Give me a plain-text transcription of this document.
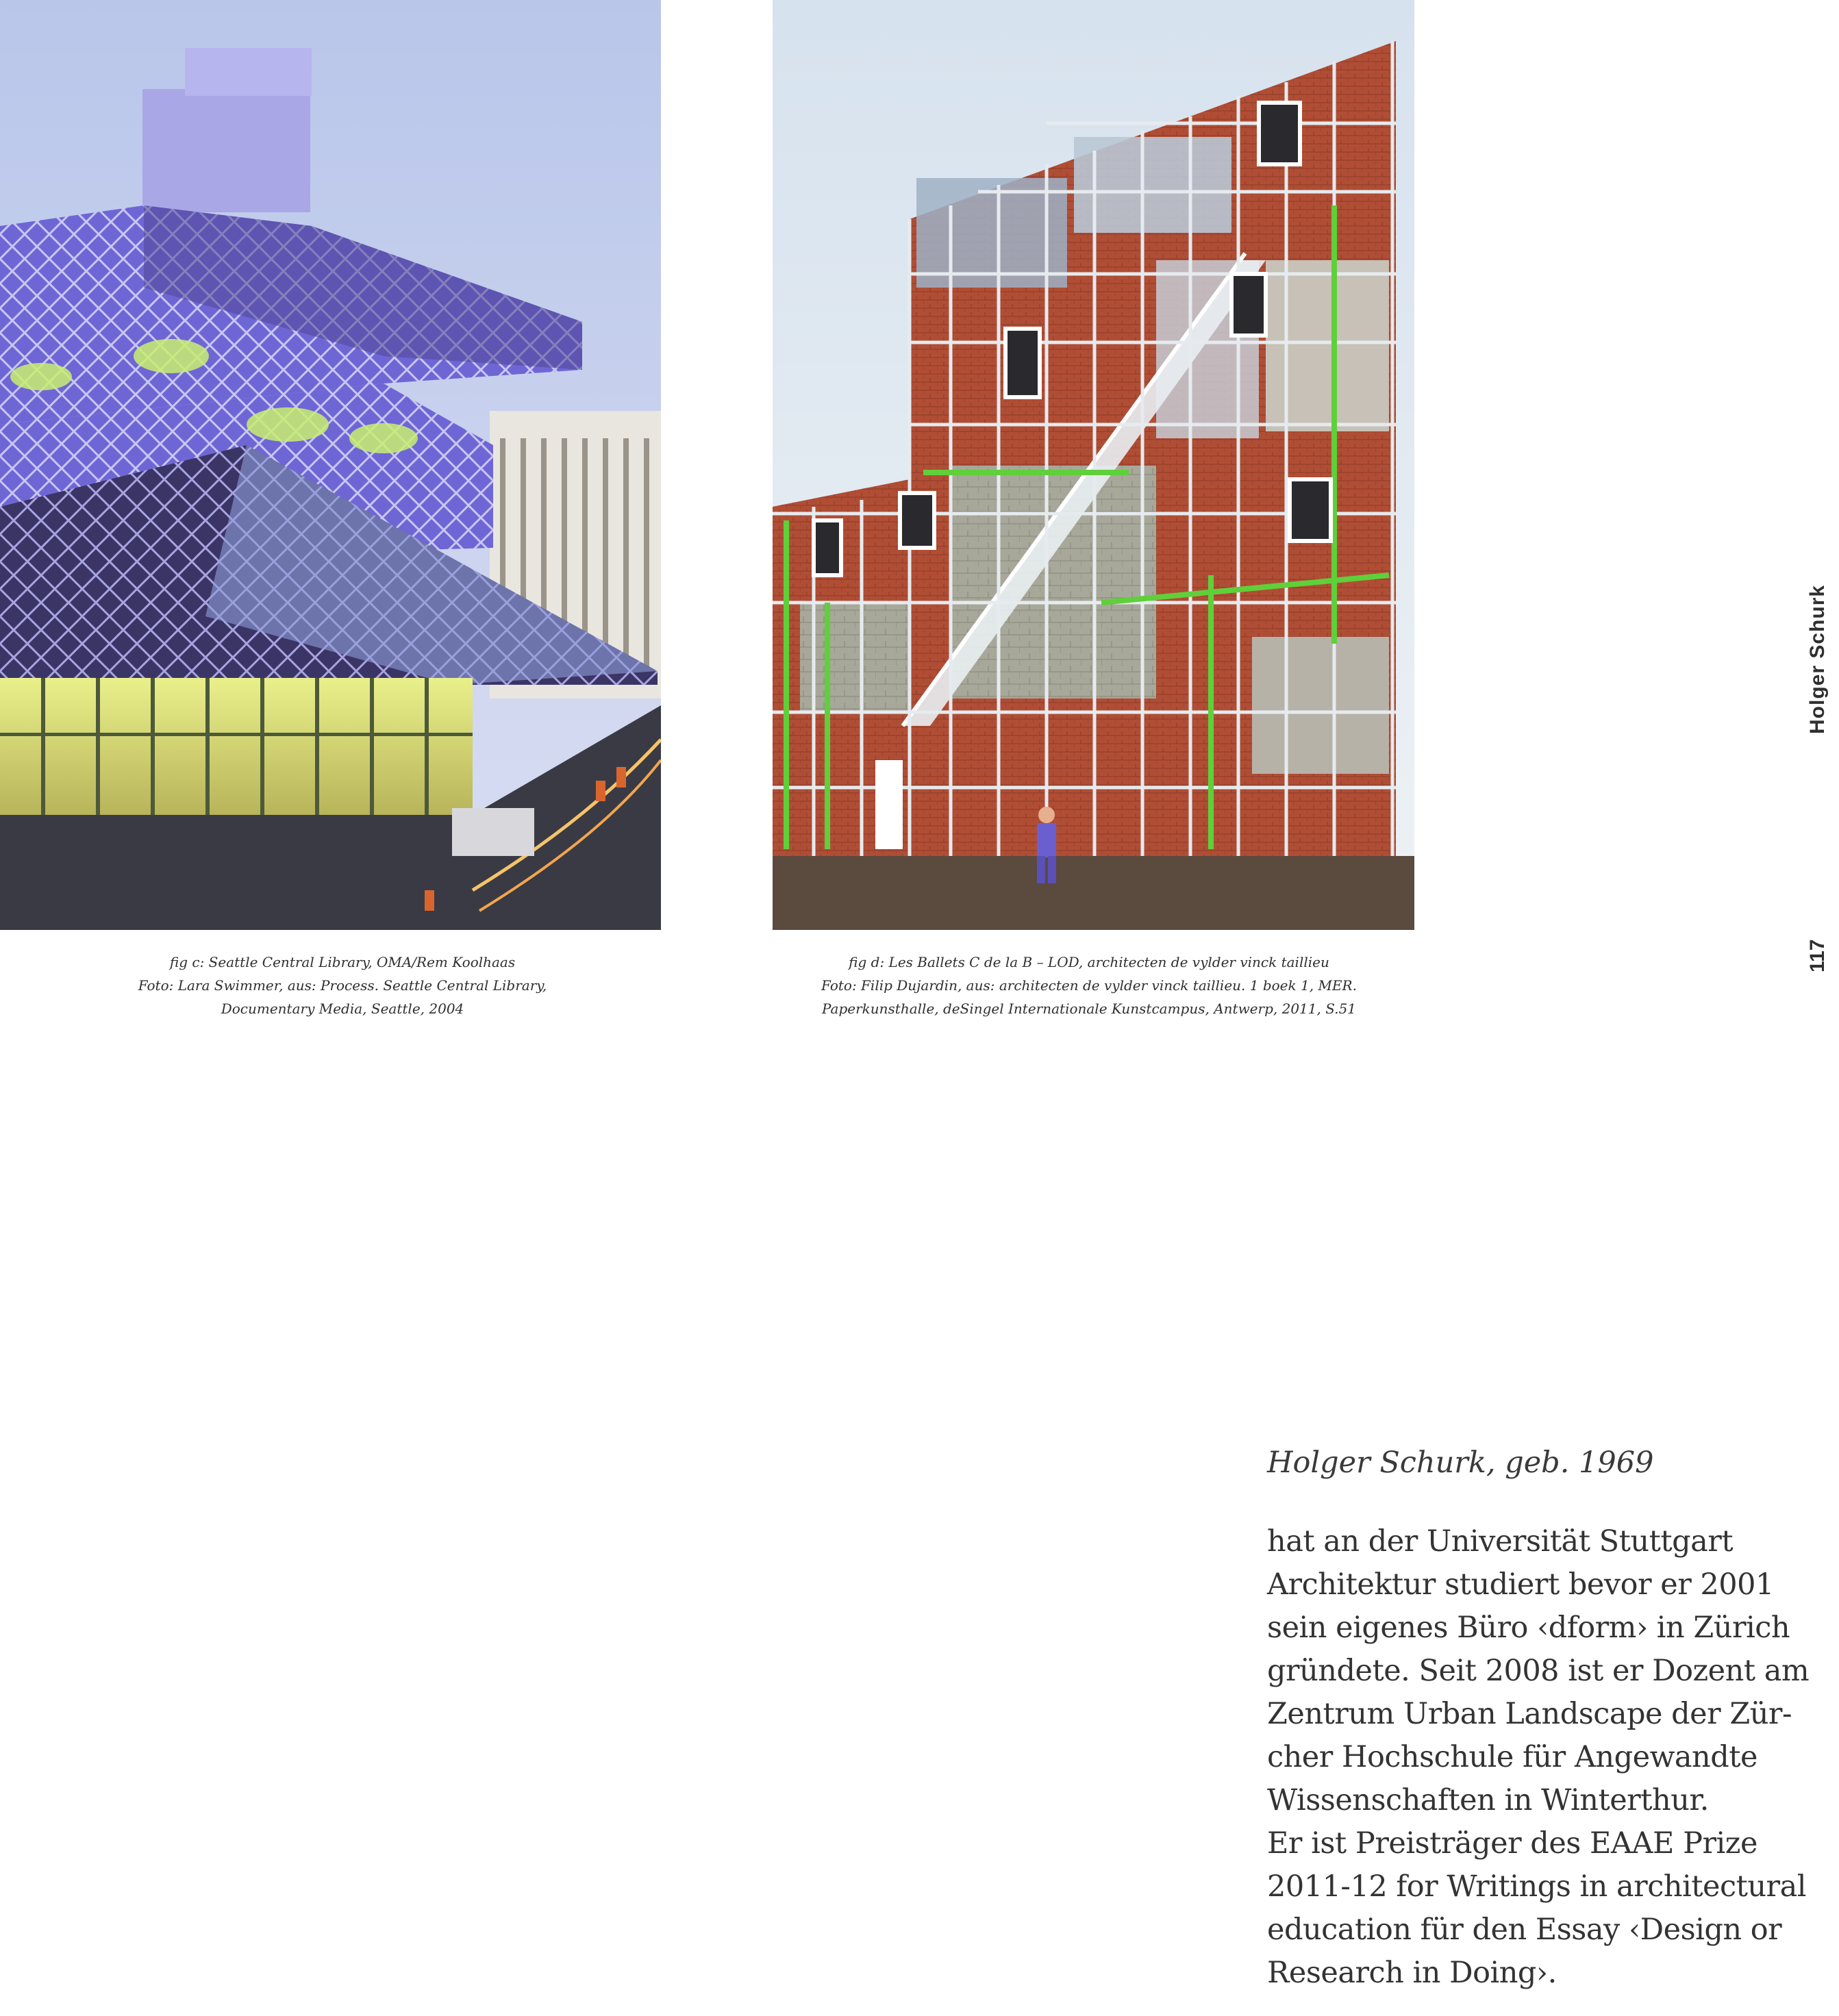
fig c: Seattle Central Library, OMA/Rem Koolhaas
Foto: Lara Swimmer, aus: Process. Seattle Central Library,
Documentary Media, Seattle, 2004
fig d: Les Ballets C de la B – LOD, architecten de vylder vinck taillieu
Foto: Filip Dujardin, aus: architecten de vylder vinck taillieu. 1 boek 1, MER.
Paperkunsthalle, deSingel Internationale Kunstcampus, Antwerp, 2011, S.51
Holger Schurk
117
Holger Schurk, geb. 1969
hat an der Universität Stuttgart
Architektur studiert bevor er 2001
sein eigenes Büro ‹dform› in Zürich
gründete. Seit 2008 ist er Dozent am
Zentrum Urban Landscape der Zür-
cher Hochschule für Angewandte
Wissenschaften in Winterthur.
Er ist Preisträger des EAAE Prize
2011-12 for Writings in architectural
education für den Essay ‹Design or
Research in Doing›.
